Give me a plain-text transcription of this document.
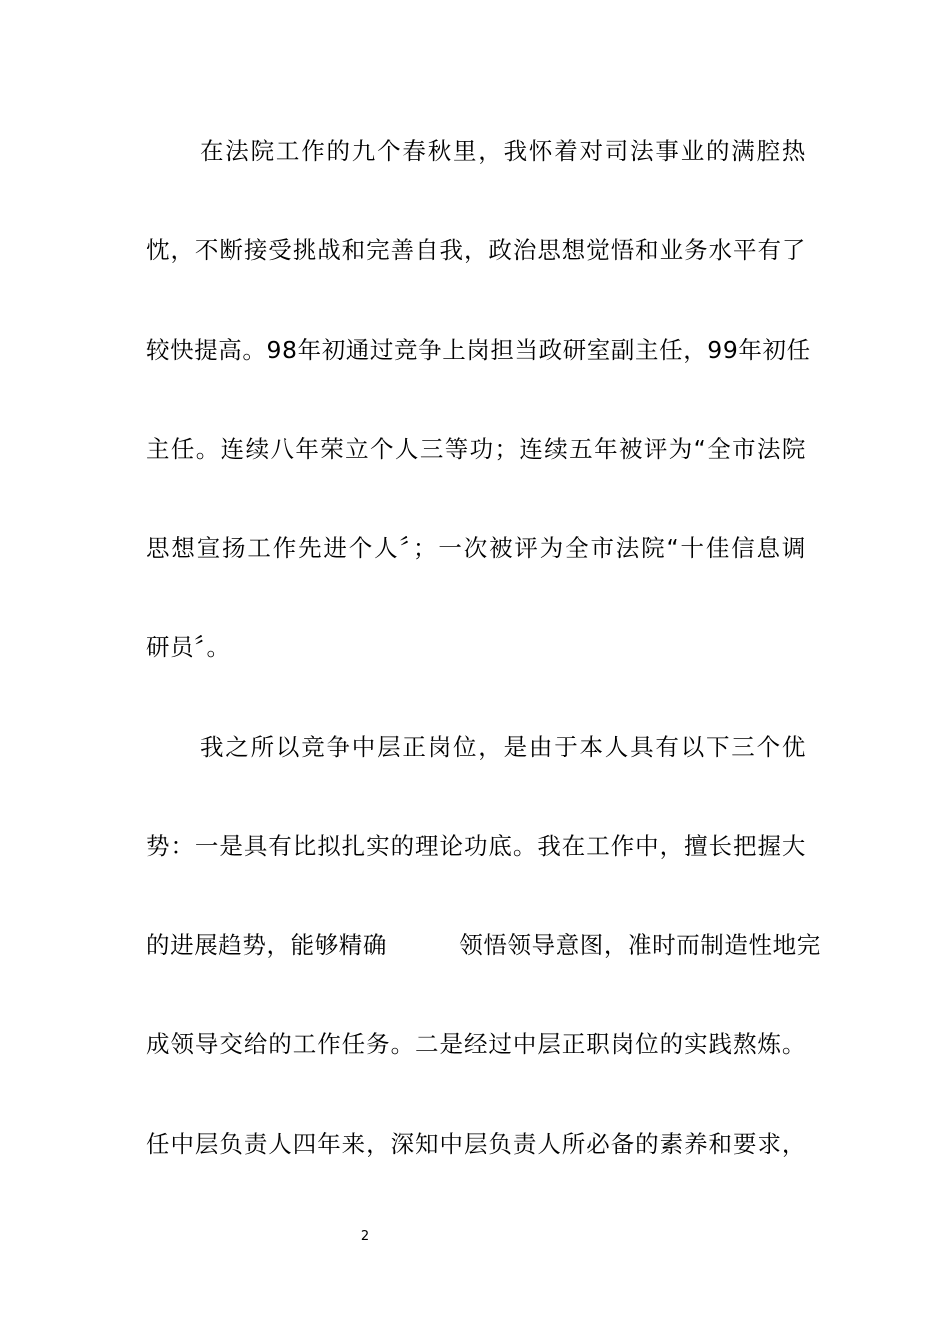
在法院工作的九个春秋里，我怀着对司法事业的满腔热
忱，不断接受挑战和完善自我，政治思想觉悟和业务水平有了
较快提高。98年初通过竞争上岗担当政研室副主任，99年初任
主任。连续八年荣立个人三等功；连续五年被评为“全市法院
思想宣扬工作先进个人〞；一次被评为全市法院“十佳信息调
研员〞。
我之所以竞争中层正岗位，是由于本人具有以下三个优
势：一是具有比拟扎实的理论功底。我在工作中，擅长把握大
的进展趋势，能够精确　　　领悟领导意图，准时而制造性地完
成领导交给的工作任务。二是经过中层正职岗位的实践熬炼。
任中层负责人四年来，深知中层负责人所必备的素养和要求，
2
